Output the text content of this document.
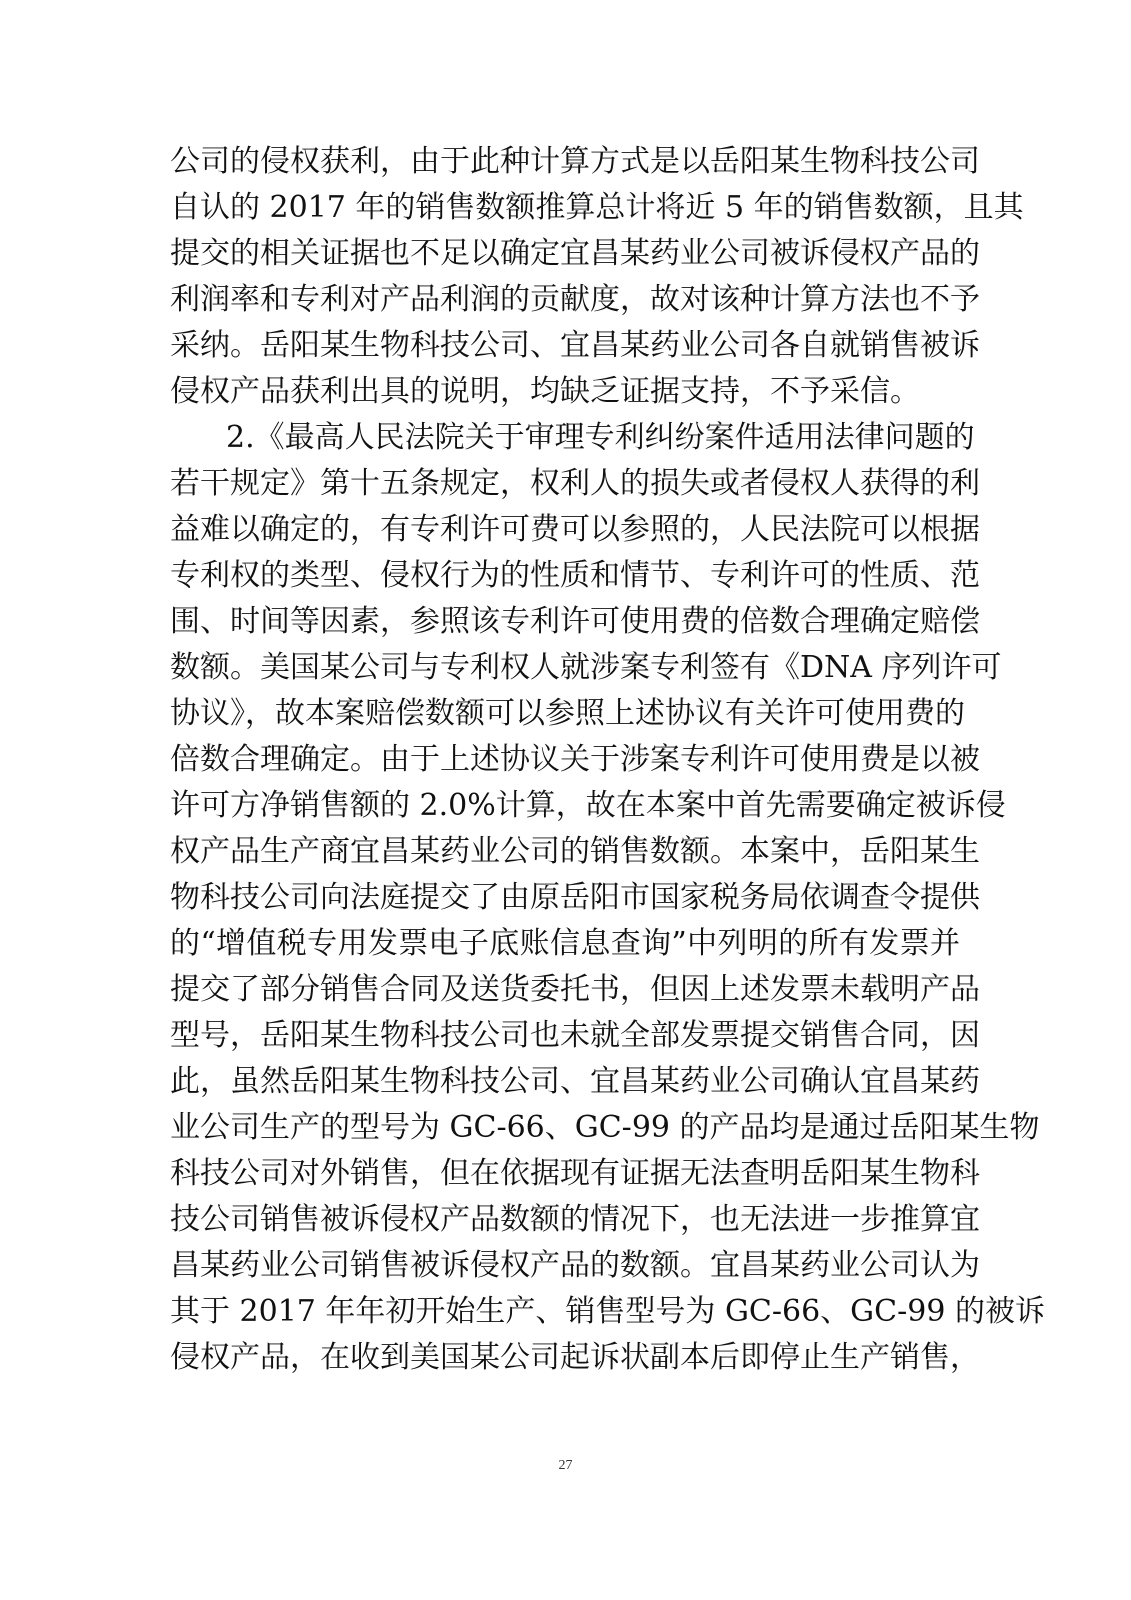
公司的侵权获利，由于此种计算方式是以岳阳某生物科技公司
自认的 2017 年的销售数额推算总计将近 5 年的销售数额，且其
提交的相关证据也不足以确定宜昌某药业公司被诉侵权产品的
利润率和专利对产品利润的贡献度，故对该种计算方法也不予
采纳。岳阳某生物科技公司、宜昌某药业公司各自就销售被诉
侵权产品获利出具的说明，均缺乏证据支持，不予采信。
2.《最高人民法院关于审理专利纠纷案件适用法律问题的
若干规定》第十五条规定，权利人的损失或者侵权人获得的利
益难以确定的，有专利许可费可以参照的，人民法院可以根据
专利权的类型、侵权行为的性质和情节、专利许可的性质、范
围、时间等因素，参照该专利许可使用费的倍数合理确定赔偿
数额。美国某公司与专利权人就涉案专利签有《DNA 序列许可
协议》，故本案赔偿数额可以参照上述协议有关许可使用费的
倍数合理确定。由于上述协议关于涉案专利许可使用费是以被
许可方净销售额的 2.0%计算，故在本案中首先需要确定被诉侵
权产品生产商宜昌某药业公司的销售数额。本案中，岳阳某生
物科技公司向法庭提交了由原岳阳市国家税务局依调查令提供
的“增值税专用发票电子底账信息查询”中列明的所有发票并
提交了部分销售合同及送货委托书，但因上述发票未载明产品
型号，岳阳某生物科技公司也未就全部发票提交销售合同，因
此，虽然岳阳某生物科技公司、宜昌某药业公司确认宜昌某药
业公司生产的型号为 GC-66、GC-99 的产品均是通过岳阳某生物
科技公司对外销售，但在依据现有证据无法查明岳阳某生物科
技公司销售被诉侵权产品数额的情况下，也无法进一步推算宜
昌某药业公司销售被诉侵权产品的数额。宜昌某药业公司认为
其于 2017 年年初开始生产、销售型号为 GC-66、GC-99 的被诉
侵权产品，在收到美国某公司起诉状副本后即停止生产销售，
27
